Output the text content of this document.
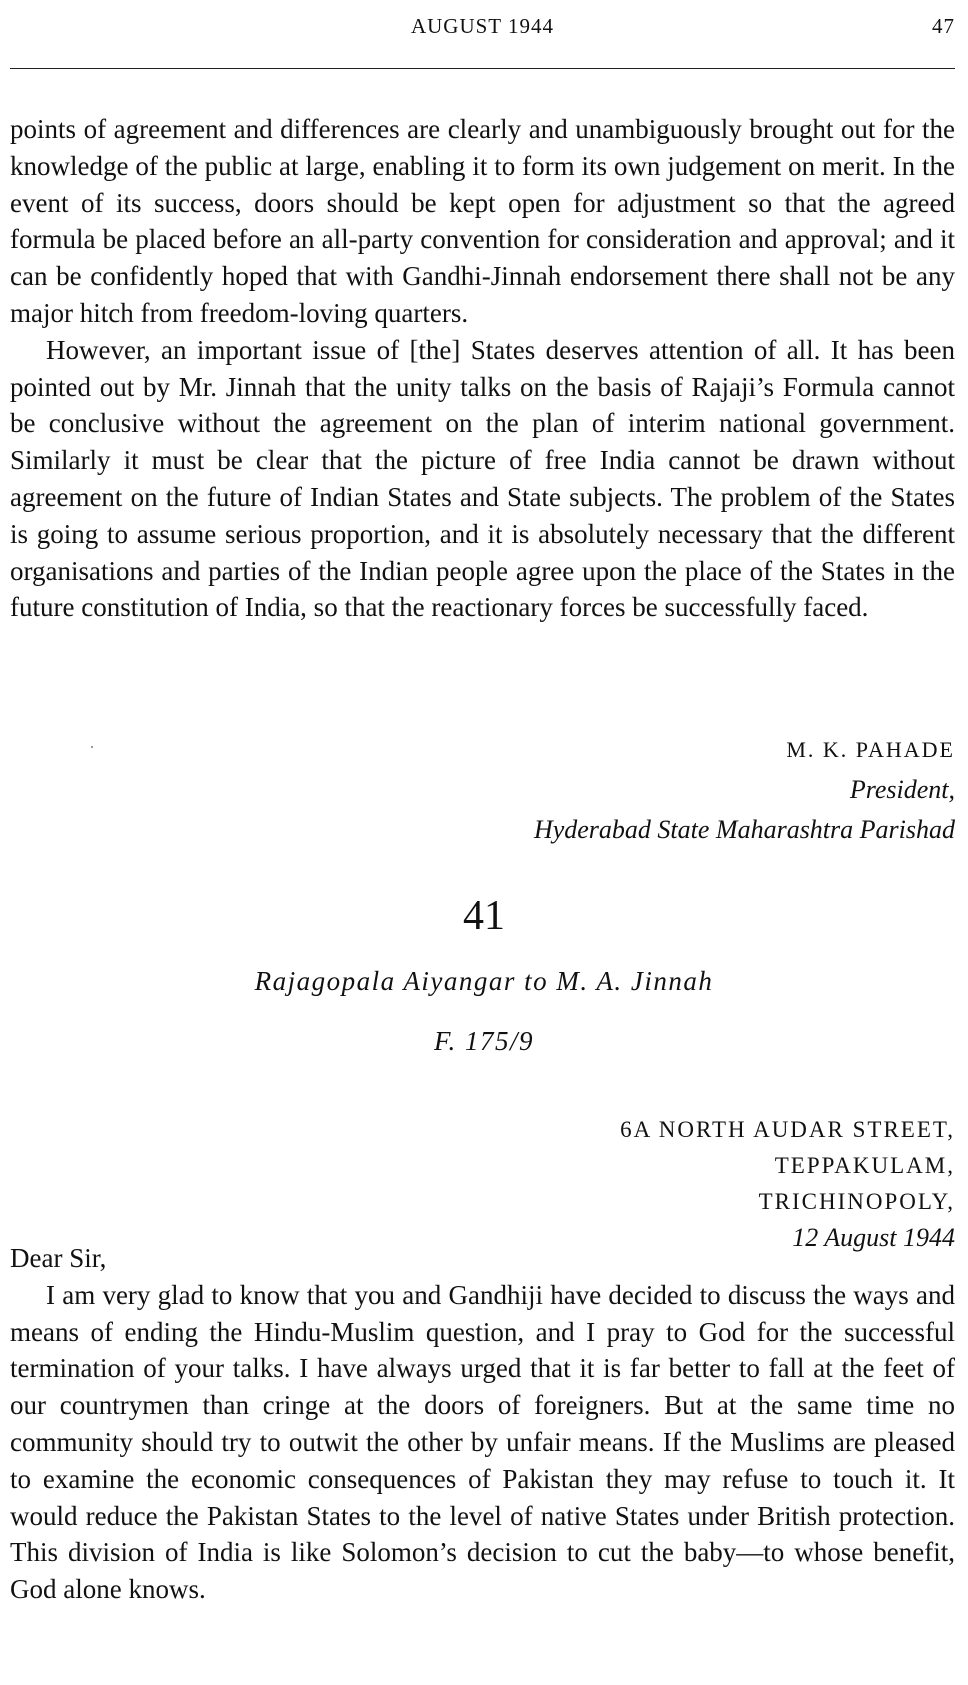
AUGUST 1944	47

points of agreement and differences are clearly and unambiguously brought out for the knowledge of the public at large, enabling it to form its own judgement on merit. In the event of its success, doors should be kept open for adjustment so that the agreed formula be placed before an all-party convention for consideration and approval; and it can be confidently hoped that with Gandhi-Jinnah endorsement there shall not be any major hitch from freedom-loving quarters.

However, an important issue of [the] States deserves attention of all. It has been pointed out by Mr. Jinnah that the unity talks on the basis of Rajaji’s Formula cannot be conclusive without the agreement on the plan of interim national government. Similarly it must be clear that the picture of free India cannot be drawn without agreement on the future of Indian States and State subjects. The problem of the States is going to assume serious proportion, and it is absolutely necessary that the different organisations and parties of the Indian people agree upon the place of the States in the future constitution of India, so that the reactionary forces be successfully faced.

M. K. PAHADE
President,
Hyderabad State Maharashtra Parishad
41
Rajagopala Aiyangar to M. A. Jinnah
F. 175/9
6A NORTH AUDAR STREET,
TEPPAKULAM,
TRICHINOPOLY,
12 August 1944

Dear Sir,

I am very glad to know that you and Gandhiji have decided to discuss the ways and means of ending the Hindu-Muslim question, and I pray to God for the successful termination of your talks. I have always urged that it is far better to fall at the feet of our countrymen than cringe at the doors of foreigners. But at the same time no community should try to outwit the other by unfair means. If the Muslims are pleased to examine the economic consequences of Pakistan they may refuse to touch it. It would reduce the Pakistan States to the level of native States under British protection. This division of India is like Solomon’s decision to cut the baby—to whose benefit, God alone knows.
